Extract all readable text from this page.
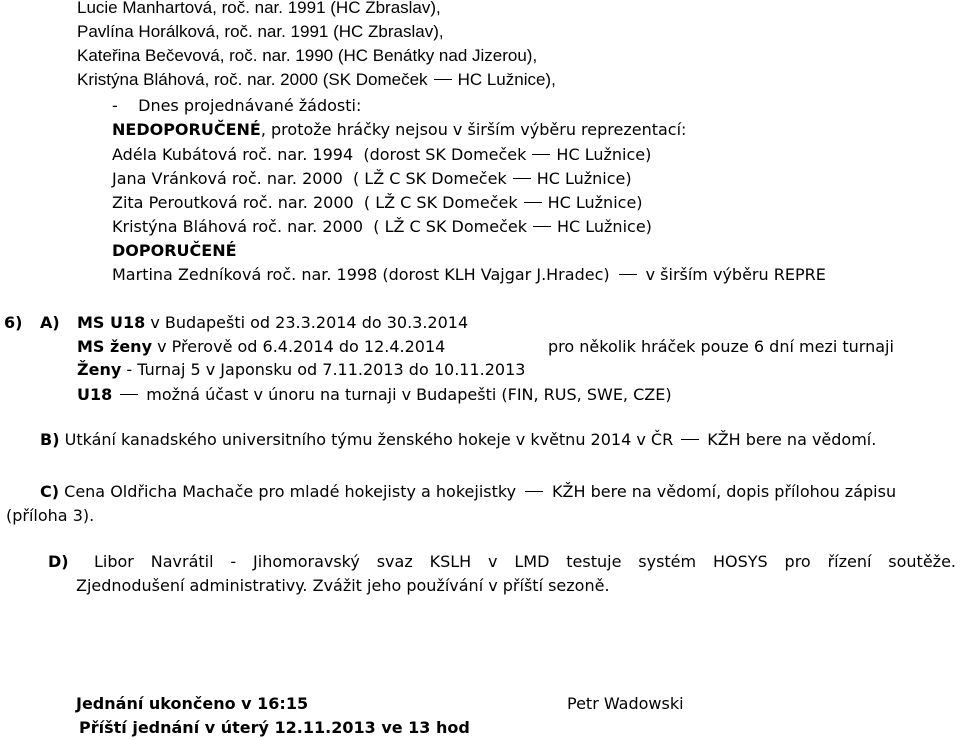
Lucie Manhartová, roč. nar. 1991 (HC Zbraslav),
Pavlína Horálková, roč. nar. 1991 (HC Zbraslav),
Kateřina Bečevová, roč. nar. 1990 (HC Benátky nad Jizerou),
Kristýna Bláhová, roč. nar. 2000 (SK Domeček HC Lužnice),
-    Dnes projednávané žádosti:
NEDOPORUČENÉ, protože hráčky nejsou v širším výběru reprezentací:
Adéla Kubátová roč. nar. 1994  (dorost SK Domeček HC Lužnice)
Jana Vránková roč. nar. 2000  ( LŽ C SK Domeček HC Lužnice)
Zita Peroutková roč. nar. 2000  ( LŽ C SK Domeček HC Lužnice)
Kristýna Bláhová roč. nar. 2000  ( LŽ C SK Domeček HC Lužnice)
DOPORUČENÉ
Martina Zedníková roč. nar. 1998 (dorost KLH Vajgar J.Hradec) v širším výběru REPRE
6) A) MS U18 v Budapešti od 23.3.2014 do 30.3.2014
MS ženy v Přerově od 6.4.2014 do 12.4.2014	pro několik hráček pouze 6 dní mezi turnaji
Ženy - Turnaj 5 v Japonsku od 7.11.2013 do 10.11.2013
U18 možná účast v únoru na turnaji v Budapešti (FIN, RUS, SWE, CZE)
B) Utkání kanadského universitního týmu ženského hokeje v květnu 2014 v ČR KŽH bere na vědomí.
C) Cena Oldřicha Machače pro mladé hokejisty a hokejistky KŽH bere na vědomí, dopis přílohou zápisu
(příloha 3).
D) Libor Navrátil - Jihomoravský svaz KSLH v LMD testuje systém HOSYS pro řízení soutěže.
Zjednodušení administrativy. Zvážit jeho používání v příští sezoně.
Jednání ukončeno v 16:15	Petr Wadowski
Příští jednání v úterý 12.11.2013 ve 13 hod
